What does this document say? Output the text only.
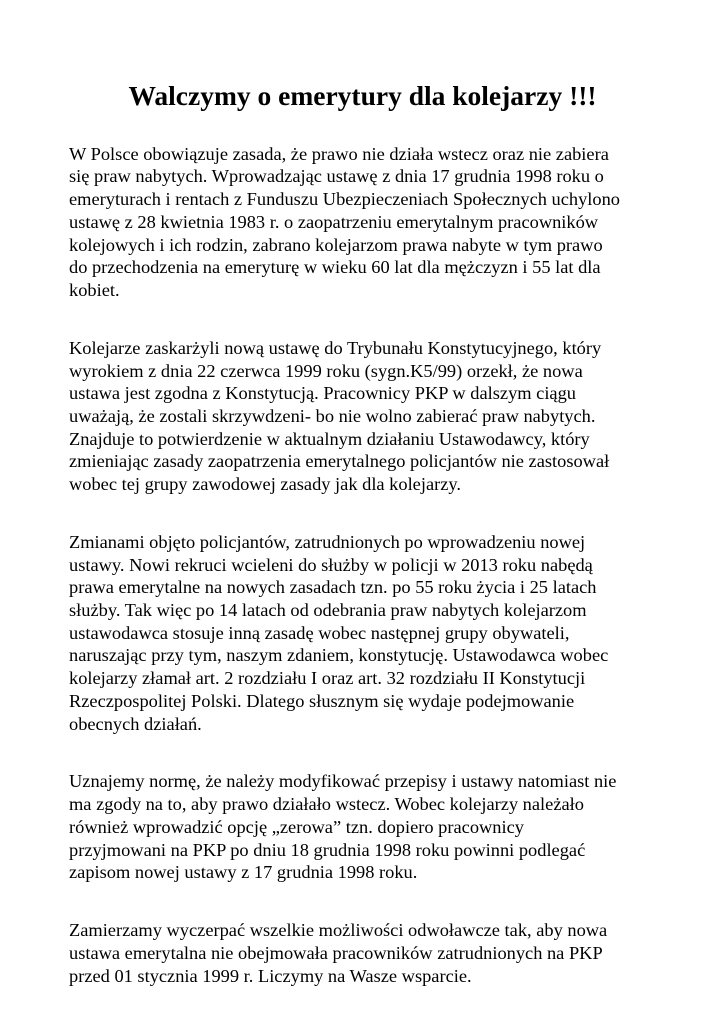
Walczymy o emerytury dla kolejarzy !!!

W Polsce obowiązuje zasada, że prawo nie działa wstecz oraz nie zabiera
się praw nabytych. Wprowadzając ustawę z dnia 17 grudnia 1998 roku o
emeryturach i rentach z Funduszu Ubezpieczeniach Społecznych uchylono
ustawę z 28 kwietnia 1983 r. o zaopatrzeniu emerytalnym pracowników
kolejowych i ich rodzin, zabrano kolejarzom prawa nabyte w tym prawo
do przechodzenia na emeryturę w wieku 60 lat dla mężczyzn i 55 lat dla
kobiet.

Kolejarze zaskarżyli nową ustawę do Trybunału Konstytucyjnego, który
wyrokiem z dnia 22 czerwca 1999 roku (sygn.K5/99) orzekł, że nowa
ustawa jest zgodna z Konstytucją. Pracownicy PKP w dalszym ciągu
uważają, że zostali skrzywdzeni- bo nie wolno zabierać praw nabytych.
Znajduje to potwierdzenie w aktualnym działaniu Ustawodawcy, który
zmieniając zasady zaopatrzenia emerytalnego policjantów nie zastosował
wobec tej grupy zawodowej zasady jak dla kolejarzy.

Zmianami objęto policjantów, zatrudnionych po wprowadzeniu nowej
ustawy. Nowi rekruci wcieleni do służby w policji w 2013 roku nabędą
prawa emerytalne na nowych zasadach tzn. po 55 roku życia i 25 latach
służby. Tak więc po 14 latach od odebrania praw nabytych kolejarzom
ustawodawca stosuje inną zasadę wobec następnej grupy obywateli,
naruszając przy tym, naszym zdaniem, konstytucję. Ustawodawca wobec
kolejarzy złamał art. 2 rozdziału I oraz art. 32 rozdziału II Konstytucji
Rzeczpospolitej Polski. Dlatego słusznym się wydaje podejmowanie
obecnych działań.

Uznajemy normę, że należy modyfikować przepisy i ustawy natomiast nie
ma zgody na to, aby prawo działało wstecz. Wobec kolejarzy należało
również wprowadzić opcję „zerowa” tzn. dopiero pracownicy
przyjmowani na PKP po dniu 18 grudnia 1998 roku powinni podlegać
zapisom nowej ustawy z 17 grudnia 1998 roku.

Zamierzamy wyczerpać wszelkie możliwości odwoławcze tak, aby nowa
ustawa emerytalna nie obejmowała pracowników zatrudnionych na PKP
przed 01 stycznia 1999 r. Liczymy na Wasze wsparcie.
